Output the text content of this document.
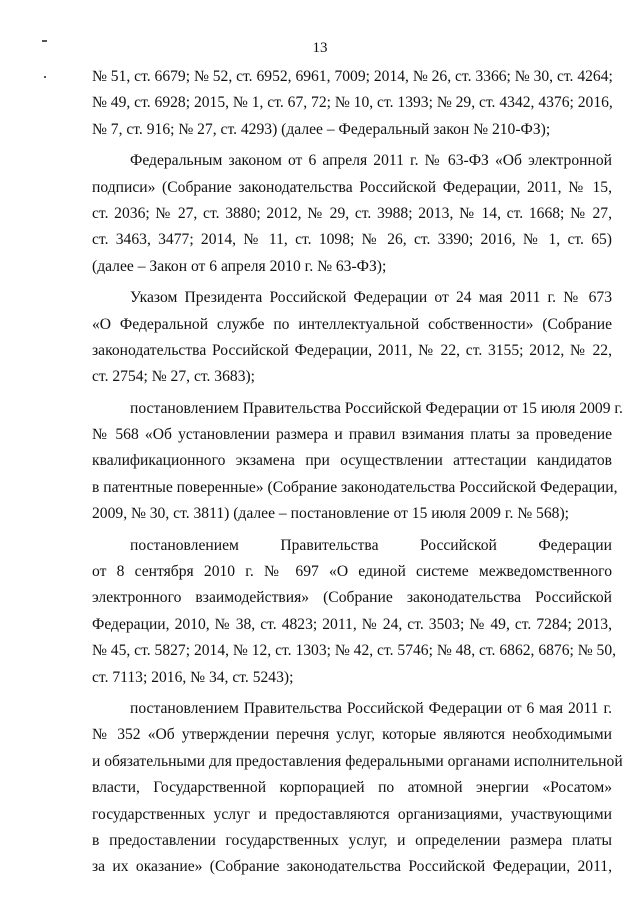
13
№ 51, ст. 6679; № 52, ст. 6952, 6961, 7009; 2014, № 26, ст. 3366; № 30, ст. 4264;
№ 49, ст. 6928; 2015, № 1, ст. 67, 72; № 10, ст. 1393; № 29, ст. 4342, 4376; 2016,
№ 7, ст. 916; № 27, ст. 4293) (далее – Федеральный закон № 210-ФЗ);
Федеральным законом от 6 апреля 2011 г. № 63-ФЗ «Об электронной
подписи» (Собрание законодательства Российской Федерации, 2011, № 15,
ст. 2036; № 27, ст. 3880; 2012, № 29, ст. 3988; 2013, № 14, ст. 1668; № 27,
ст. 3463, 3477; 2014, № 11, ст. 1098; № 26, ст. 3390; 2016, № 1, ст. 65)
(далее – Закон от 6 апреля 2010 г. № 63-ФЗ);
Указом Президента Российской Федерации от 24 мая 2011 г. № 673
«О Федеральной службе по интеллектуальной собственности» (Собрание
законодательства Российской Федерации, 2011, № 22, ст. 3155; 2012, № 22,
ст. 2754; № 27, ст. 3683);
постановлением Правительства Российской Федерации от 15 июля 2009 г.
№ 568 «Об установлении размера и правил взимания платы за проведение
квалификационного экзамена при осуществлении аттестации кандидатов
в патентные поверенные» (Собрание законодательства Российской Федерации,
2009, № 30, ст. 3811) (далее – постановление от 15 июля 2009 г. № 568);
постановлением Правительства Российской Федерации
от 8 сентября 2010 г. № 697 «О единой системе межведомственного
электронного взаимодействия» (Собрание законодательства Российской
Федерации, 2010, № 38, ст. 4823; 2011, № 24, ст. 3503; № 49, ст. 7284; 2013,
№ 45, ст. 5827; 2014, № 12, ст. 1303; № 42, ст. 5746; № 48, ст. 6862, 6876; № 50,
ст. 7113; 2016, № 34, ст. 5243);
постановлением Правительства Российской Федерации от 6 мая 2011 г.
№ 352 «Об утверждении перечня услуг, которые являются необходимыми
и обязательными для предоставления федеральными органами исполнительной
власти, Государственной корпорацией по атомной энергии «Росатом»
государственных услуг и предоставляются организациями, участвующими
в предоставлении государственных услуг, и определении размера платы
за их оказание» (Собрание законодательства Российской Федерации, 2011,
